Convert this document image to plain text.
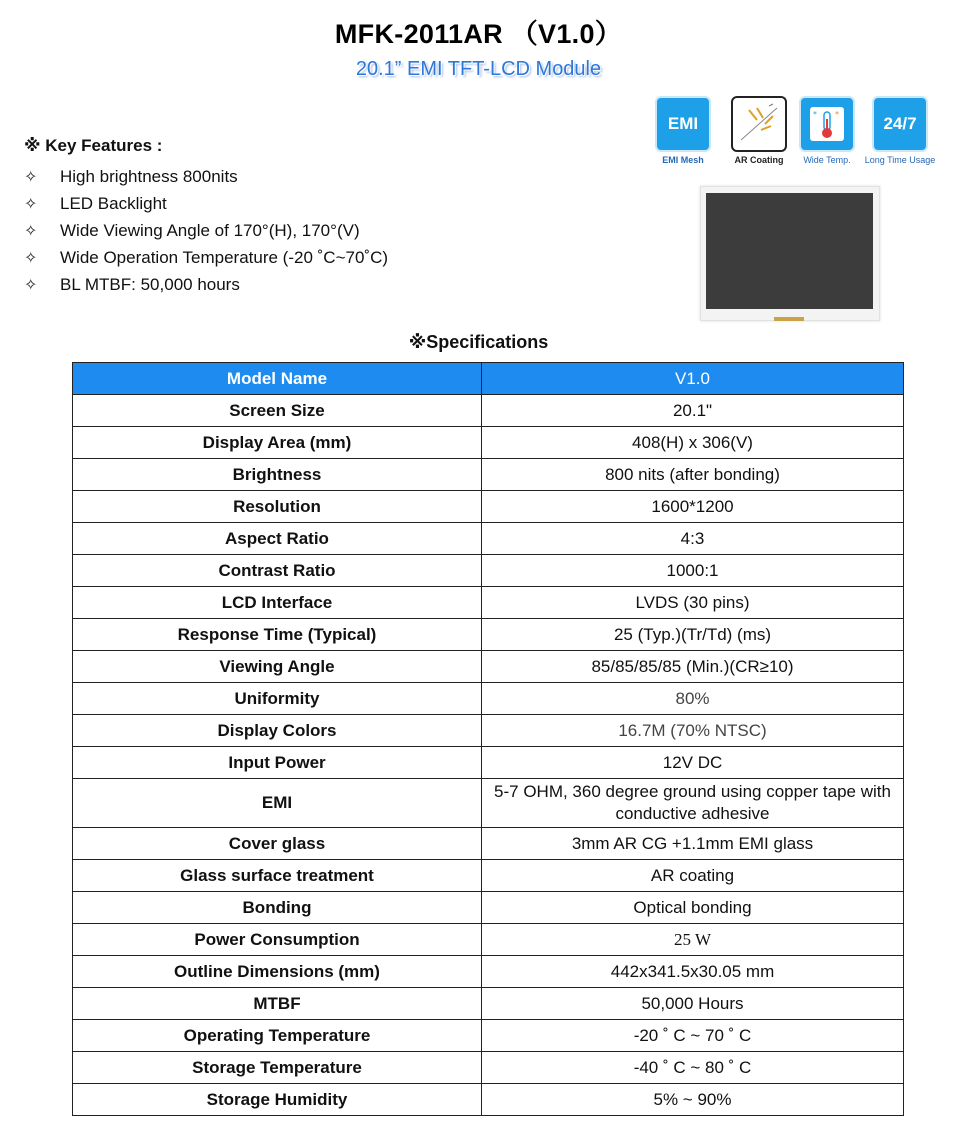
MFK-2011AR （V1.0）
20.1” EMI TFT-LCD Module
※ Key Features :
✧	High brightness 800nits
✧	LED Backlight
✧	Wide Viewing Angle of 170°(H), 170°(V)
✧	Wide Operation Temperature (-20 ˚C~70˚C)
✧	BL MTBF: 50,000 hours
EMI
EMI Mesh	AR Coating
* *
Wide Temp.
24/7
Long Time Usage
※Specifications
Model Name	V1.0
Screen Size	20.1"
Display Area (mm)	408(H) x 306(V)
Brightness	800 nits (after bonding)
Resolution	1600*1200
Aspect Ratio	4:3
Contrast Ratio	1000:1
LCD Interface	LVDS (30 pins)
Response Time (Typical)	25 (Typ.)(Tr/Td) (ms)
Viewing Angle	85/85/85/85 (Min.)(CR≥10)
Uniformity	80%
Display Colors	16.7M (70% NTSC)
Input Power	12V DC
EMI	5-7 OHM, 360 degree ground using copper tape with conductive adhesive
Cover glass	3mm AR CG +1.1mm EMI glass
Glass surface treatment	AR coating
Bonding	Optical bonding
Power Consumption	25 W
Outline Dimensions (mm)	442x341.5x30.05 mm
MTBF	50,000 Hours
Operating Temperature	-20 ˚ C ~ 70 ˚ C
Storage Temperature	-40 ˚ C ~ 80 ˚ C
Storage Humidity	5% ~ 90%
